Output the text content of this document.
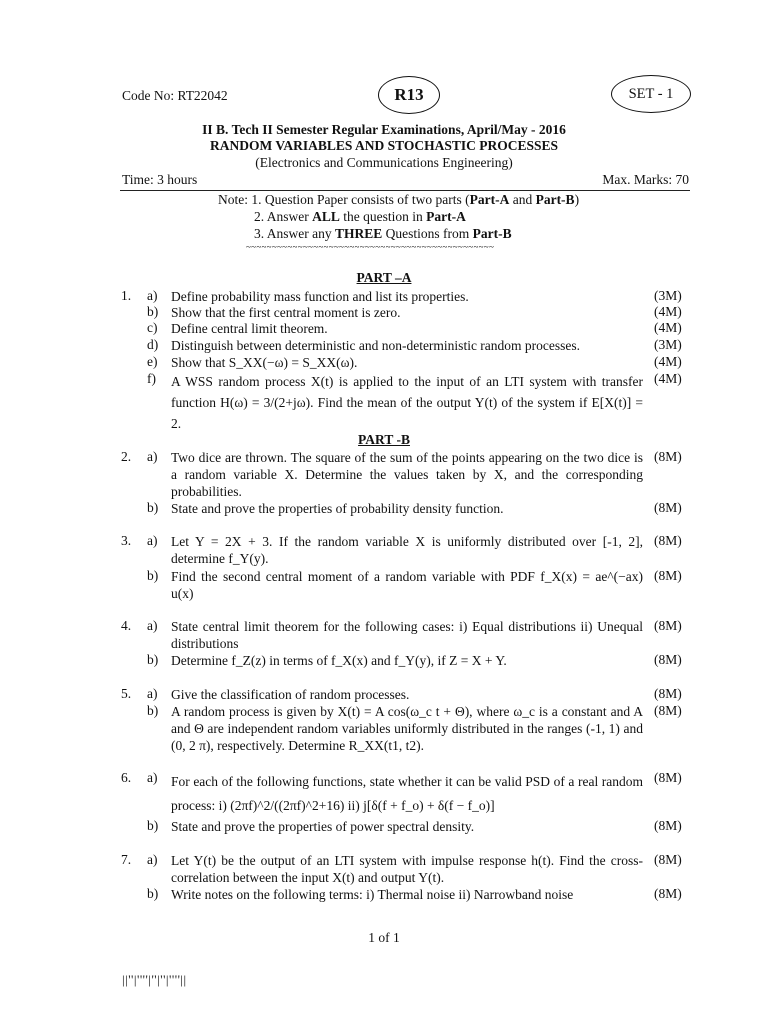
Code No: RT22042	R13	SET - 1
II B. Tech II Semester Regular Examinations, April/May - 2016
RANDOM VARIABLES AND STOCHASTIC PROCESSES
(Electronics and Communications Engineering)
Time: 3 hours	Max. Marks: 70
Note: 1. Question Paper consists of two parts (Part-A and Part-B)
2. Answer ALL the question in Part-A
3. Answer any THREE Questions from Part-B
~~~~~~~~~~~~~~~~~~~~~~~~~~~~~~~~~~~~~~~~~~~~~~~~
PART –A
1. a) Define probability mass function and list its properties.	(3M)
b) Show that the first central moment is zero.	(4M)
c) Define central limit theorem.	(4M)
d) Distinguish between deterministic and non-deterministic random processes.	(3M)
e) Show that S_XX(−ω) = S_XX(ω).	(4M)
f) A WSS random process X(t) is applied to the input of an LTI system with transfer function H(ω) = 3/(2+jω). Find the mean of the output Y(t) of the system if E[X(t)] = 2.
(4M)
PART -B
2. a) Two dice are thrown. The square of the sum of the points appearing on the two dice is a random variable X. Determine the values taken by X, and the corresponding probabilities.
(8M)
b) State and prove the properties of probability density function.	(8M)
3. a) Let Y = 2X + 3. If the random variable X is uniformly distributed over [-1, 2], determine f_Y(y).
(8M)
b) Find the second central moment of a random variable with PDF f_X(x) = ae^(−ax) u(x)
(8M)
4. a) State central limit theorem for the following cases: i) Equal distributions ii) Unequal distributions
(8M)
b) Determine f_Z(z) in terms of f_X(x) and f_Y(y), if Z = X + Y.	(8M)
5. a) Give the classification of random processes.	(8M)
b) A random process is given by X(t) = A cos(ω_c t + Θ), where ω_c is a constant and A and Θ are independent random variables uniformly distributed in the ranges (-1, 1) and (0, 2 π), respectively. Determine R_XX(t1, t2).
(8M)
6. a) For each of the following functions, state whether it can be valid PSD of a real random process: i) (2πf)^2/((2πf)^2+16) ii) j[δ(f + f_o) + δ(f − f_o)]
(8M)
b) State and prove the properties of power spectral density.	(8M)
7. a) Let Y(t) be the output of an LTI system with impulse response h(t). Find the cross-correlation between the input X(t) and output Y(t).
(8M)
b) Write notes on the following terms: i) Thermal noise ii) Narrowband noise	(8M)
1 of 1
||''|''''|''|''|''''||
